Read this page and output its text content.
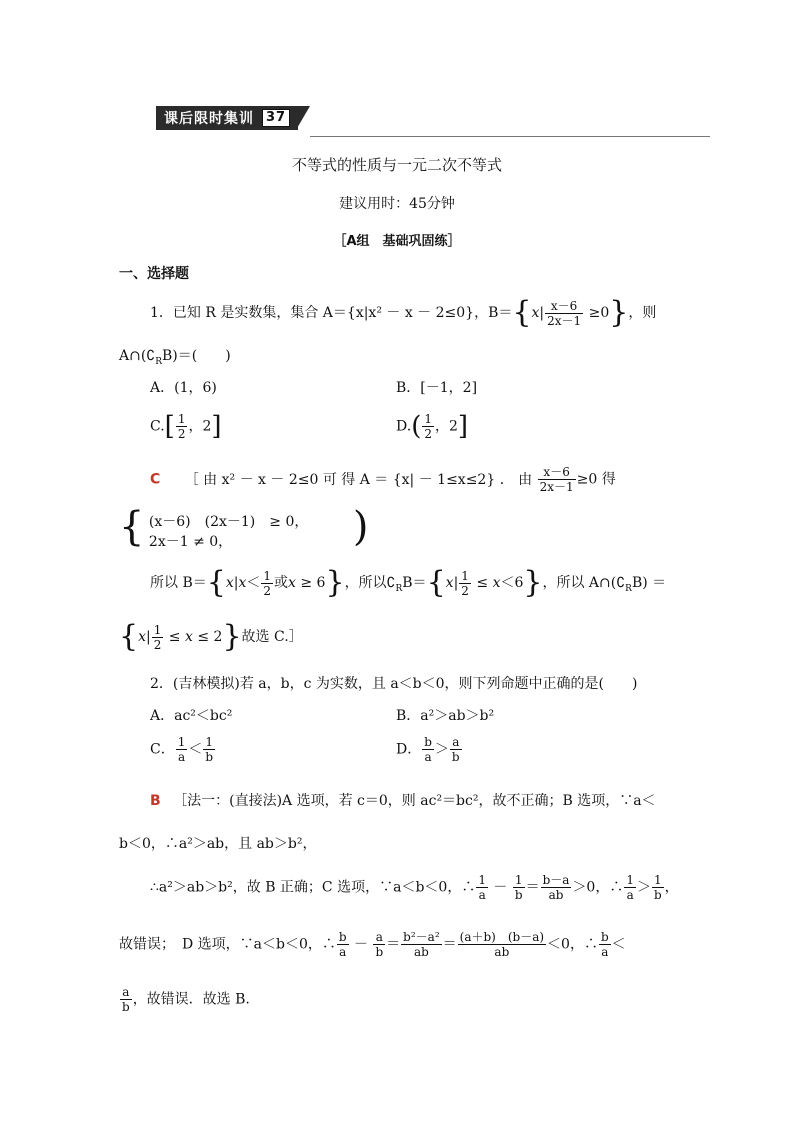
课后限时集训 37
不等式的性质与一元二次不等式
建议用时：45分钟
［A组　基础巩固练］
一、选择题
1．已知 R 是实数集，集合 A＝{x|x² － x － 2≤0}，$B=\{x| \frac{x-6}{2x-1} \ge 0\}$，则
$A\cap(∁_RB)=$(　　)
A．(1，6)	B．[－1，2]
$C.[ \frac{1}{2}$ ，2]	$D.( \frac{1}{2}$ ，2]
C ［ 由 x² － x － 2≤0 可 得 A ＝ {x| － 1≤x≤2} ． 由 $\frac{x-6}{2x-1} \ge 0$ 得
{ (x－6)　(2x－1)　≥ 0，
2x－1 ≠ 0，	)
所以 $B=\{x|x< \frac{1}{2}$ 或x ≥ 6}，所以$∁_RB=\{x| \frac{1}{2} \le x<6\}$，所以 $A\cap(∁_RB)$ ＝
$\{x| \frac{1}{2} \le x \le 2\}$故选 C.］
2．(吉林模拟)若 a，b，c 为实数，且 a＜b＜0，则下列命题中正确的是(　　)
A．ac²＜bc²	B．a²＞ab＞b²
C． $\frac{1}{a} < \frac{1}{b}$	D． $\frac{b}{a} > \frac{a}{b}$
B ［法一：(直接法)A 选项，若 c＝0，则 ac²＝bc²，故不正确；B 选项，∵a＜
b＜0，∴a²＞ab，且 ab＞b²，
∴a²＞ab＞b²，故 B 正确；C 选项，∵a＜b＜0，∴ $\frac{1}{a} - \frac{1}{b} = \frac{b-a}{ab} >0$，∴ $\frac{1}{a} > \frac{1}{b}$ ，
故错误；　D 选项，∵a＜b＜0，∴ $\frac{b}{a} - \frac{a}{b} = \frac{\text{b²－a²}}{ab} = \frac{(a+b) (b-a)}{ab} <0$，∴ $\frac{b}{a}$ ＜
$\frac{a}{b}$ ，故错误．故选 B.
